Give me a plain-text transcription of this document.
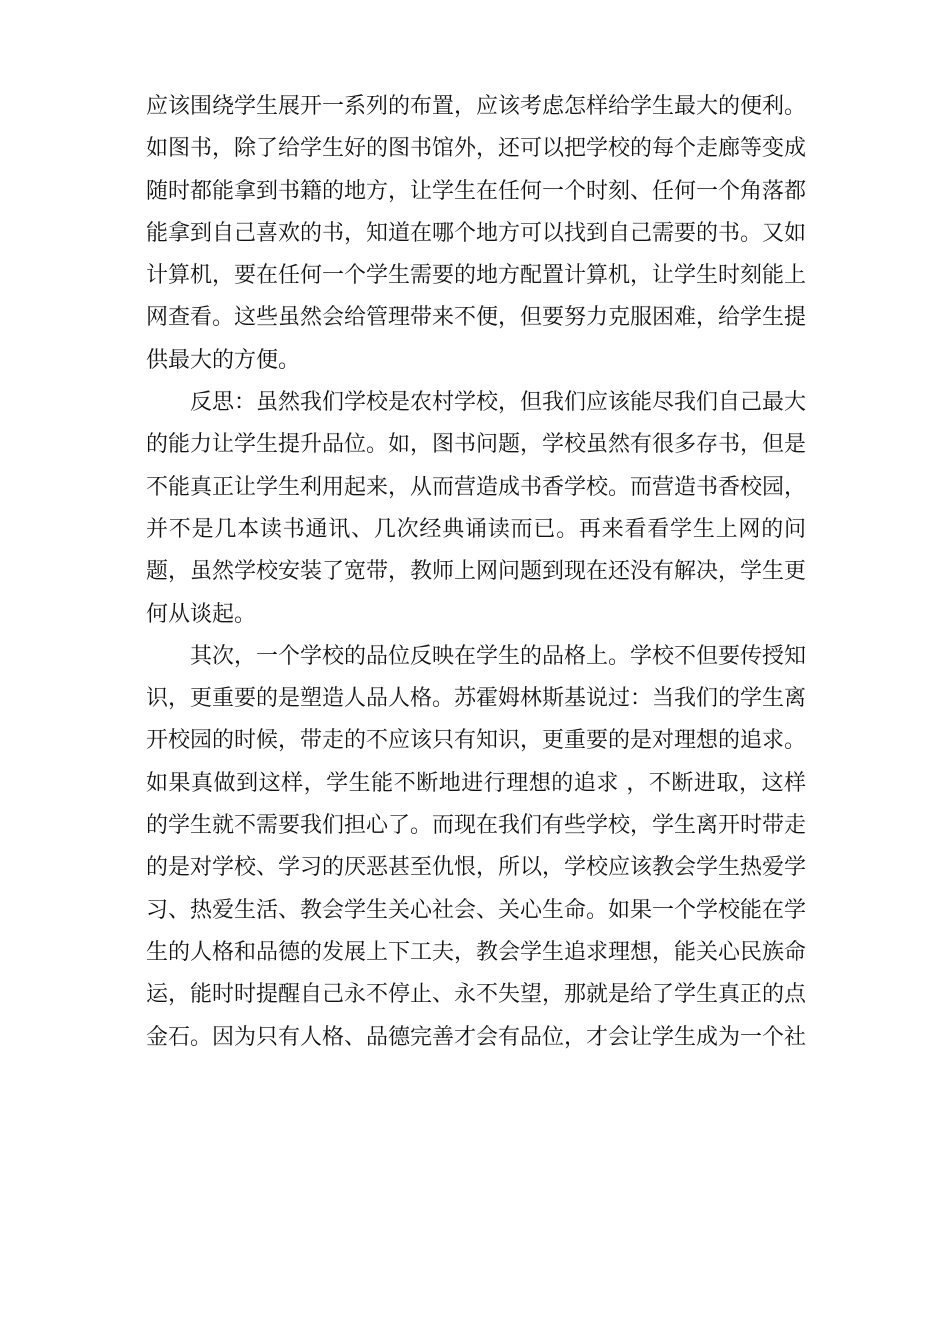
应该围绕学生展开一系列的布置，应该考虑怎样给学生最大的便利。如图书，除了给学生好的图书馆外，还可以把学校的每个走廊等变成随时都能拿到书籍的地方，让学生在任何一个时刻、任何一个角落都能拿到自己喜欢的书，知道在哪个地方可以找到自己需要的书。又如计算机，要在任何一个学生需要的地方配置计算机，让学生时刻能上网查看。这些虽然会给管理带来不便，但要努力克服困难，给学生提供最大的方便。

反思：虽然我们学校是农村学校，但我们应该能尽我们自己最大的能力让学生提升品位。如，图书问题，学校虽然有很多存书，但是不能真正让学生利用起来，从而营造成书香学校。而营造书香校园，并不是几本读书通讯、几次经典诵读而已。再来看看学生上网的问题，虽然学校安装了宽带，教师上网问题到现在还没有解决，学生更何从谈起。

其次，一个学校的品位反映在学生的品格上。学校不但要传授知识，更重要的是塑造人品人格。苏霍姆林斯基说过：当我们的学生离开校园的时候，带走的不应该只有知识，更重要的是对理想的追求。如果真做到这样，学生能不断地进行理想的追求 ，不断进取，这样的学生就不需要我们担心了。而现在我们有些学校，学生离开时带走的是对学校、学习的厌恶甚至仇恨，所以，学校应该教会学生热爱学习、热爱生活、教会学生关心社会、关心生命。如果一个学校能在学生的人格和品德的发展上下工夫，教会学生追求理想，能关心民族命运，能时时提醒自己永不停止、永不失望，那就是给了学生真正的点金石。因为只有人格、品德完善才会有品位，才会让学生成为一个社
